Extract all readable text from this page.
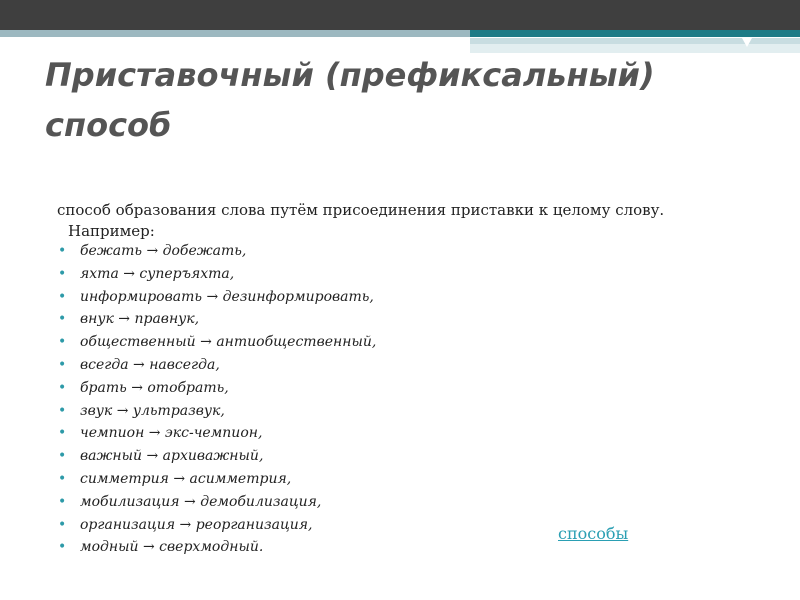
Приставочный (префиксальный) способ
способ образования слова путём присоединения приставки к целому слову.
Например:
• бежать → добежать,
• яхта → суперъяхта,
• информировать → дезинформировать,
• внук → правнук,
• общественный → антиобщественный,
• всегда → навсегда,
• брать → отобрать,
• звук → ультразвук,
• чемпион → экс-чемпион,
• важный → архиважный,
• симметрия → асимметрия,
• мобилизация → демобилизация,
• организация → реорганизация,
• модный → сверхмодный.
способы
